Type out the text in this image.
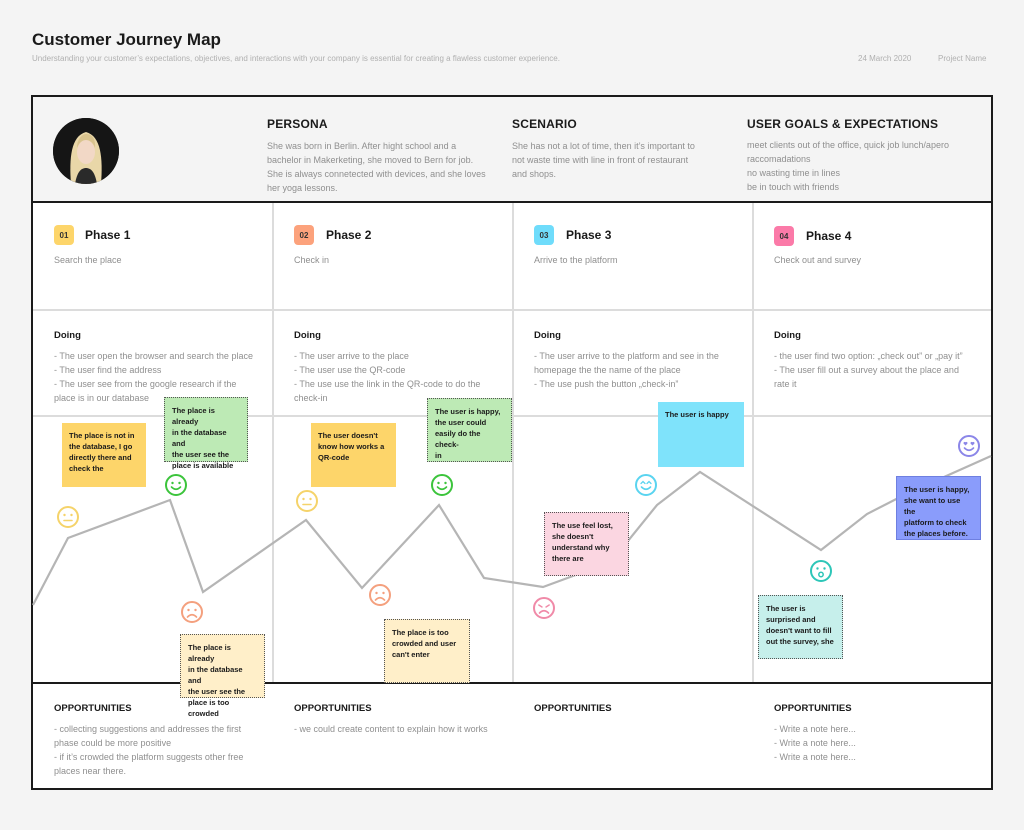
Customer Journey Map
Understanding your customer’s expectations, objectives, and interactions with your company is essential for creating a flawless customer experience.	24 March 2020	Project Name
PERSONA
She was born in Berlin. After hight school and a
bachelor in Makerketing, she moved to Bern for job.
She is always connetected with devices, and she loves
her yoga lessons.
SCENARIO
She has not a lot of time, then it’s important to
not waste time with line in front of restaurant
and shops.
USER GOALS & EXPECTATIONS
meet clients out of the office, quick job lunch/apero
raccomadations
no wasting time in lines
be in touch with friends
01	Phase 1
Search the place
02	Phase 2
Check in
03	Phase 3
Arrive to the platform
04	Phase 4
Check out and survey
Doing
- The user open the browser and search the place
- The user find the address
- The user see from the google research if the
place is in our database
Doing
- The user arrive to the place
- The user use the QR-code
- The use use the link in the QR-code to do the
check-in
Doing
- The user arrive to the platform and see in the
homepage the the name of the place
- The use push the button „check-in”
Doing
- the user find two option: „check out” or „pay it”
- The user fill out a survey about the place and
rate it
OPPORTUNITIES
- collecting suggestions and addresses the first
phase could be more positive
- if it’s crowded the platform suggests other free
places near there.
OPPORTUNITIES
- we could create content to explain how it works
OPPORTUNITIES	OPPORTUNITIES
- Write a note here...
- Write a note here...
- Write a note here...
The place is not in
the database, I go
directly there and
check the
The place is already
in the database and
the user see the
place is available
The place is already
in the database and
the user see the
place is too
crowded
The user doesn't
know how works a
QR-code
The user is happy,
the user could
easily do the check-
in
The place is too
crowded and user
can't enter
The use feel lost,
she doesn't
understand why
there are
The user is happy
The user is
surprised and
doesn't want to fill
out the survey, she
The user is happy,
she want to use the
platform to check
the places before.
